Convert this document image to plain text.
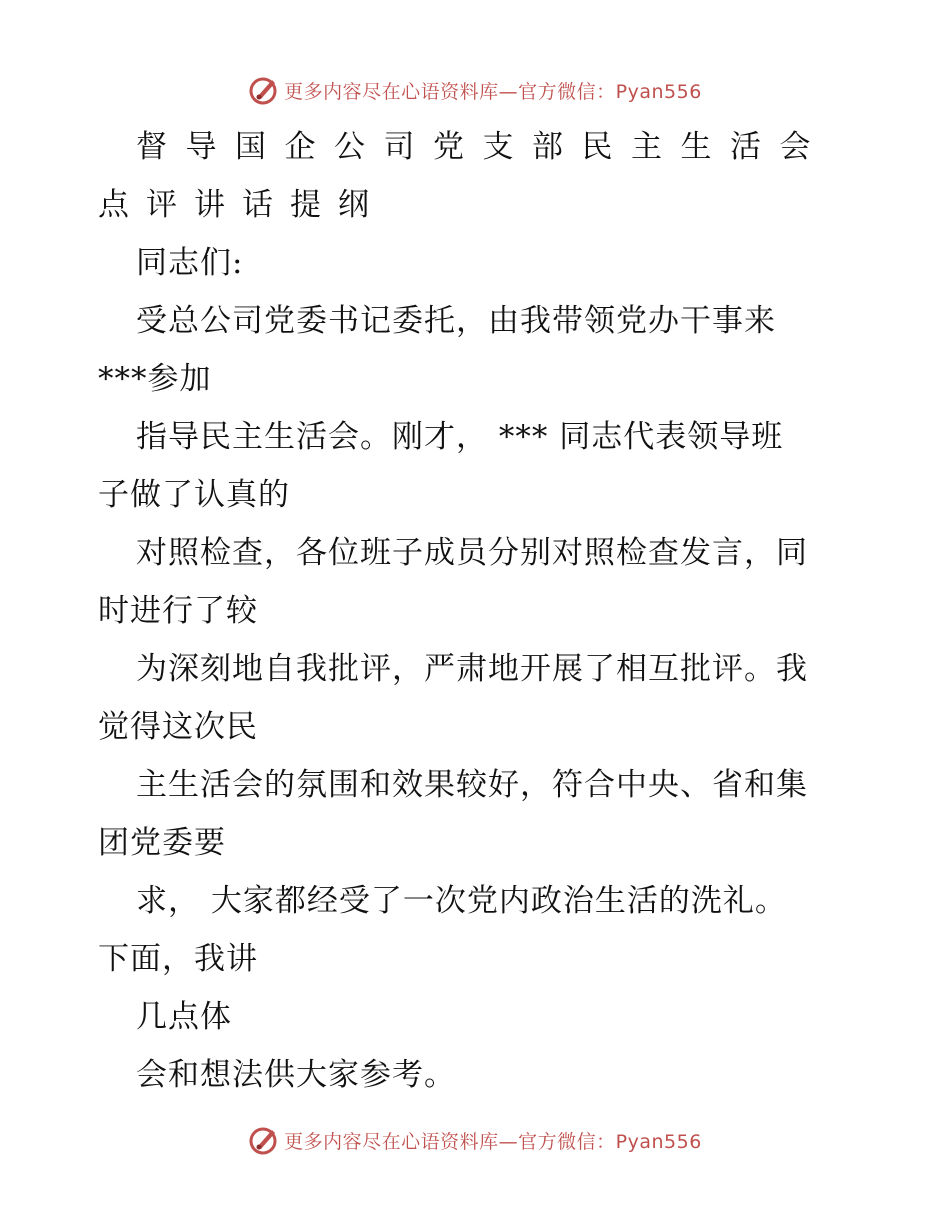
更多内容尽在心语资料库—官方微信：Pyan556
督导国企公司党支部民主生活会
点评讲话提纲
同志们:
受总公司党委书记委托，由我带领党办干事来
***参加
指导民主生活会。刚才， *** 同志代表领导班
子做了认真的
对照检查，各位班子成员分别对照检查发言，同
时进行了较
为深刻地自我批评，严肃地开展了相互批评。我
觉得这次民
主生活会的氛围和效果较好，符合中央、省和集
团党委要
求， 大家都经受了一次党内政治生活的洗礼。
下面，我讲
几点体
会和想法供大家参考。
更多内容尽在心语资料库—官方微信：Pyan556
